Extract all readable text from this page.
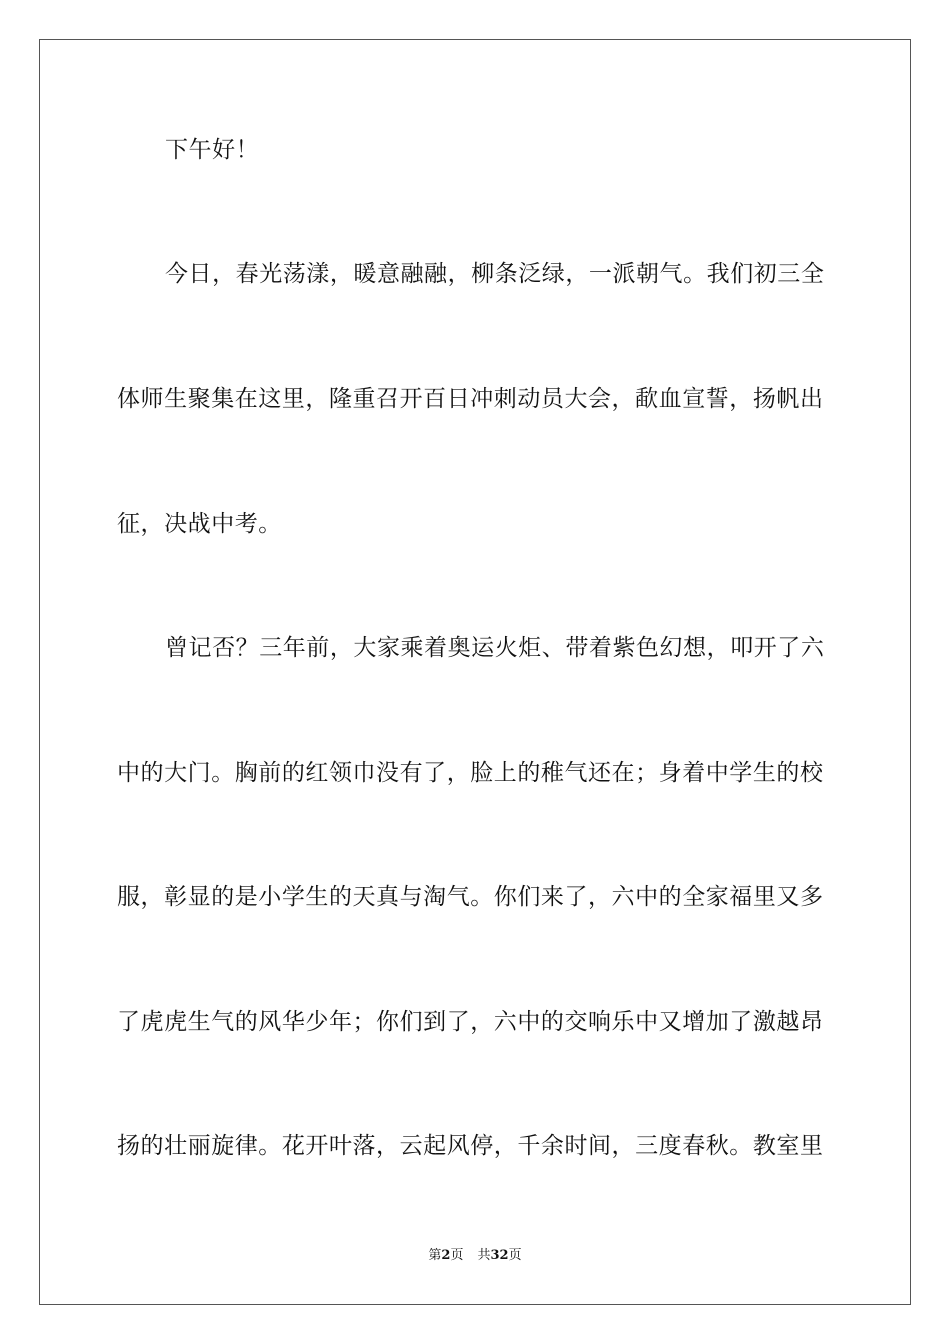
下午好！
今日，春光荡漾，暖意融融，柳条泛绿，一派朝气。我们初三全
体师生聚集在这里，隆重召开百日冲刺动员大会，歃血宣誓，扬帆出
征，决战中考。
曾记否？三年前，大家乘着奥运火炬、带着紫色幻想，叩开了六
中的大门。胸前的红领巾没有了，脸上的稚气还在；身着中学生的校
服，彰显的是小学生的天真与淘气。你们来了，六中的全家福里又多
了虎虎生气的风华少年；你们到了，六中的交响乐中又增加了激越昂
扬的壮丽旋律。花开叶落，云起风停，千余时间，三度春秋。教室里
第2页 共32页
